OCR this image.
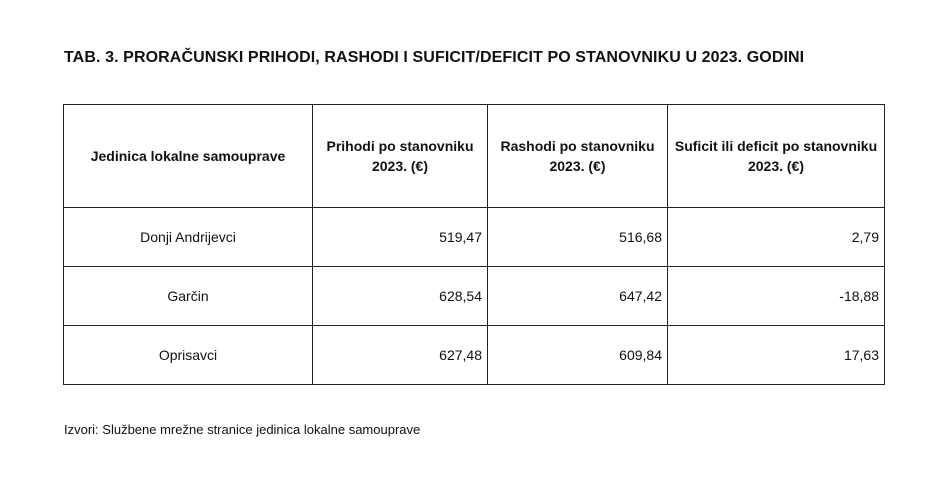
TAB. 3. PRORAČUNSKI PRIHODI, RASHODI I SUFICIT/DEFICIT PO STANOVNIKU U 2023. GODINI
Jedinica lokalne samouprave	Prihodi po stanovniku 2023. (€)	Rashodi po stanovniku 2023. (€)	Suficit ili deficit po stanovniku 2023. (€)
Donji Andrijevci	519,47	516,68	2,79
Garčin	628,54	647,42	-18,88
Oprisavci	627,48	609,84	17,63

Izvori: Službene mrežne stranice jedinica lokalne samouprave
